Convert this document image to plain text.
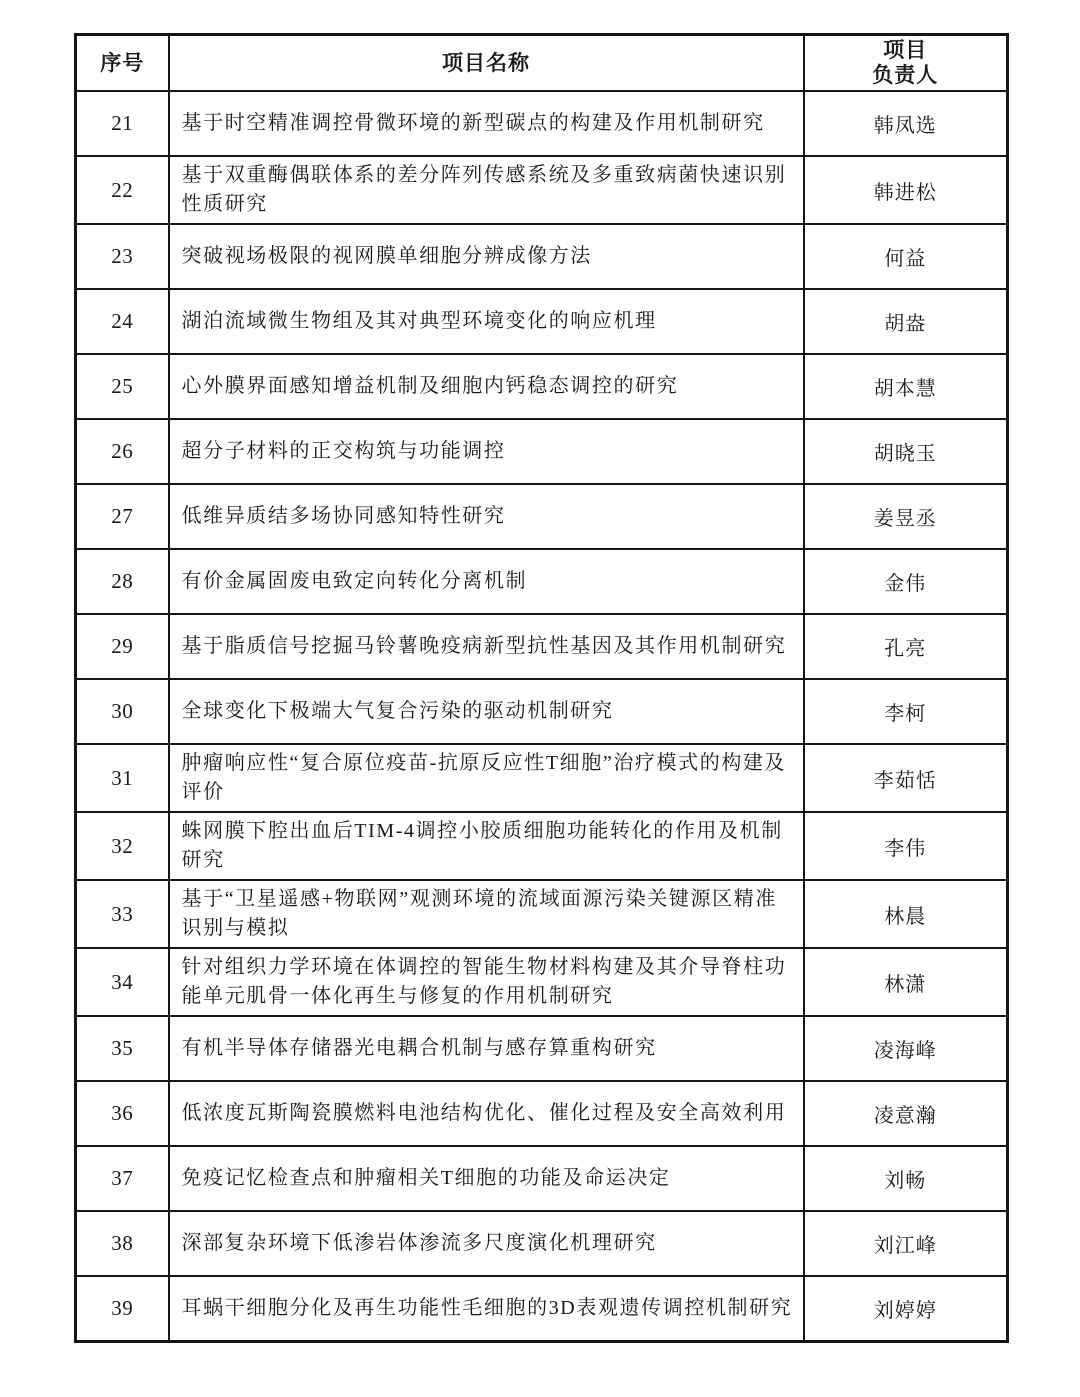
序号	项目名称	项目
负责人

21	基于时空精准调控骨微环境的新型碳点的构建及作用机制研究	韩凤选
22	基于双重酶偶联体系的差分阵列传感系统及多重致病菌快速识别性质研究	韩进松
23	突破视场极限的视网膜单细胞分辨成像方法	何益
24	湖泊流域微生物组及其对典型环境变化的响应机理	胡盎
25	心外膜界面感知增益机制及细胞内钙稳态调控的研究	胡本慧
26	超分子材料的正交构筑与功能调控	胡晓玉
27	低维异质结多场协同感知特性研究	姜昱丞
28	有价金属固废电致定向转化分离机制	金伟
29	基于脂质信号挖掘马铃薯晚疫病新型抗性基因及其作用机制研究	孔亮
30	全球变化下极端大气复合污染的驱动机制研究	李柯
31	肿瘤响应性“复合原位疫苗-抗原反应性T细胞”治疗模式的构建及评价	李茹恬
32	蛛网膜下腔出血后TIM-4调控小胶质细胞功能转化的作用及机制研究	李伟
33	基于“卫星遥感+物联网”观测环境的流域面源污染关键源区精准识别与模拟	林晨
34	针对组织力学环境在体调控的智能生物材料构建及其介导脊柱功能单元肌骨一体化再生与修复的作用机制研究	林潇
35	有机半导体存储器光电耦合机制与感存算重构研究	凌海峰
36	低浓度瓦斯陶瓷膜燃料电池结构优化、催化过程及安全高效利用	凌意瀚
37	免疫记忆检查点和肿瘤相关T细胞的功能及命运决定	刘畅
38	深部复杂环境下低渗岩体渗流多尺度演化机理研究	刘江峰
39	耳蜗干细胞分化及再生功能性毛细胞的3D表观遗传调控机制研究	刘婷婷
